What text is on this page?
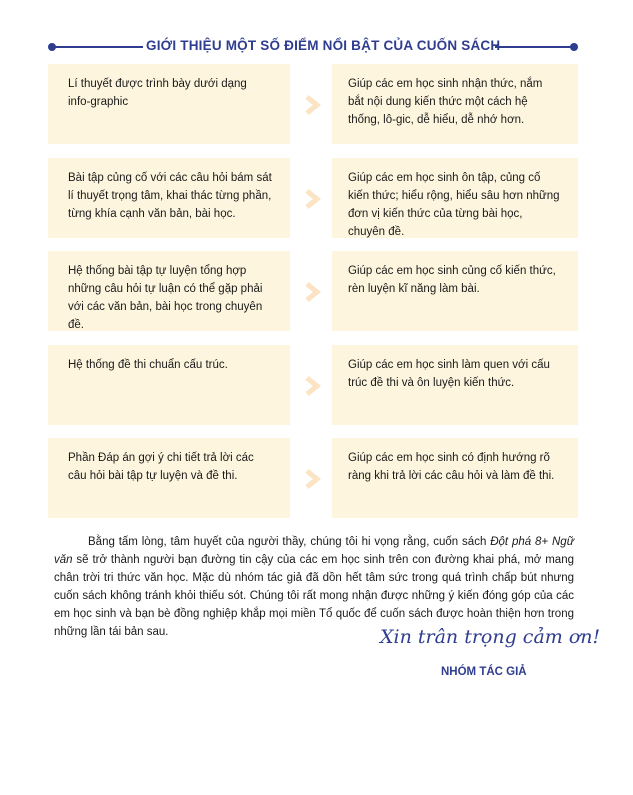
GIỚI THIỆU MỘT SỐ ĐIỂM NỔI BẬT CỦA CUỐN SÁCH
Lí thuyết được trình bày dưới dạng info-graphic
Giúp các em học sinh nhận thức, nắm bắt nội dung kiến thức một cách hệ thống, lô-gic, dễ hiểu, dễ nhớ hơn.
Bài tập củng cố với các câu hỏi bám sát lí thuyết trọng tâm, khai thác từng phần, từng khía cạnh văn bản, bài học.
Giúp các em học sinh ôn tập, củng cố kiến thức; hiểu rộng, hiểu sâu hơn những đơn vị kiến thức của từng bài học, chuyên đề.
Hệ thống bài tập tự luyện tổng hợp những câu hỏi tự luận có thể gặp phải với các văn bản, bài học trong chuyên đề.
Giúp các em học sinh củng cố kiến thức, rèn luyện kĩ năng làm bài.
Hệ thống đề thi chuẩn cấu trúc.	Giúp các em học sinh làm quen với cấu trúc đề thi và ôn luyện kiến thức.
Phần Đáp án gợi ý chi tiết trả lời các câu hỏi bài tập tự luyện và đề thi.
Giúp các em học sinh có định hướng rõ ràng khi trả lời các câu hỏi và làm đề thi.

Bằng tấm lòng, tâm huyết của người thầy, chúng tôi hi vọng rằng, cuốn sách Đột phá 8+ Ngữ văn sẽ trở thành người bạn đường tin cậy của các em học sinh trên con đường khai phá, mở mang chân trời tri thức văn học. Mặc dù nhóm tác giả đã dồn hết tâm sức trong quá trình chấp bút nhưng cuốn sách không tránh khỏi thiếu sót. Chúng tôi rất mong nhận được những ý kiến đóng góp của các em học sinh và bạn bè đồng nghiệp khắp mọi miền Tổ quốc để cuốn sách được hoàn thiện hơn trong những lần tái bản sau.	Xin trân trọng cảm ơn!
NHÓM TÁC GIẢ
